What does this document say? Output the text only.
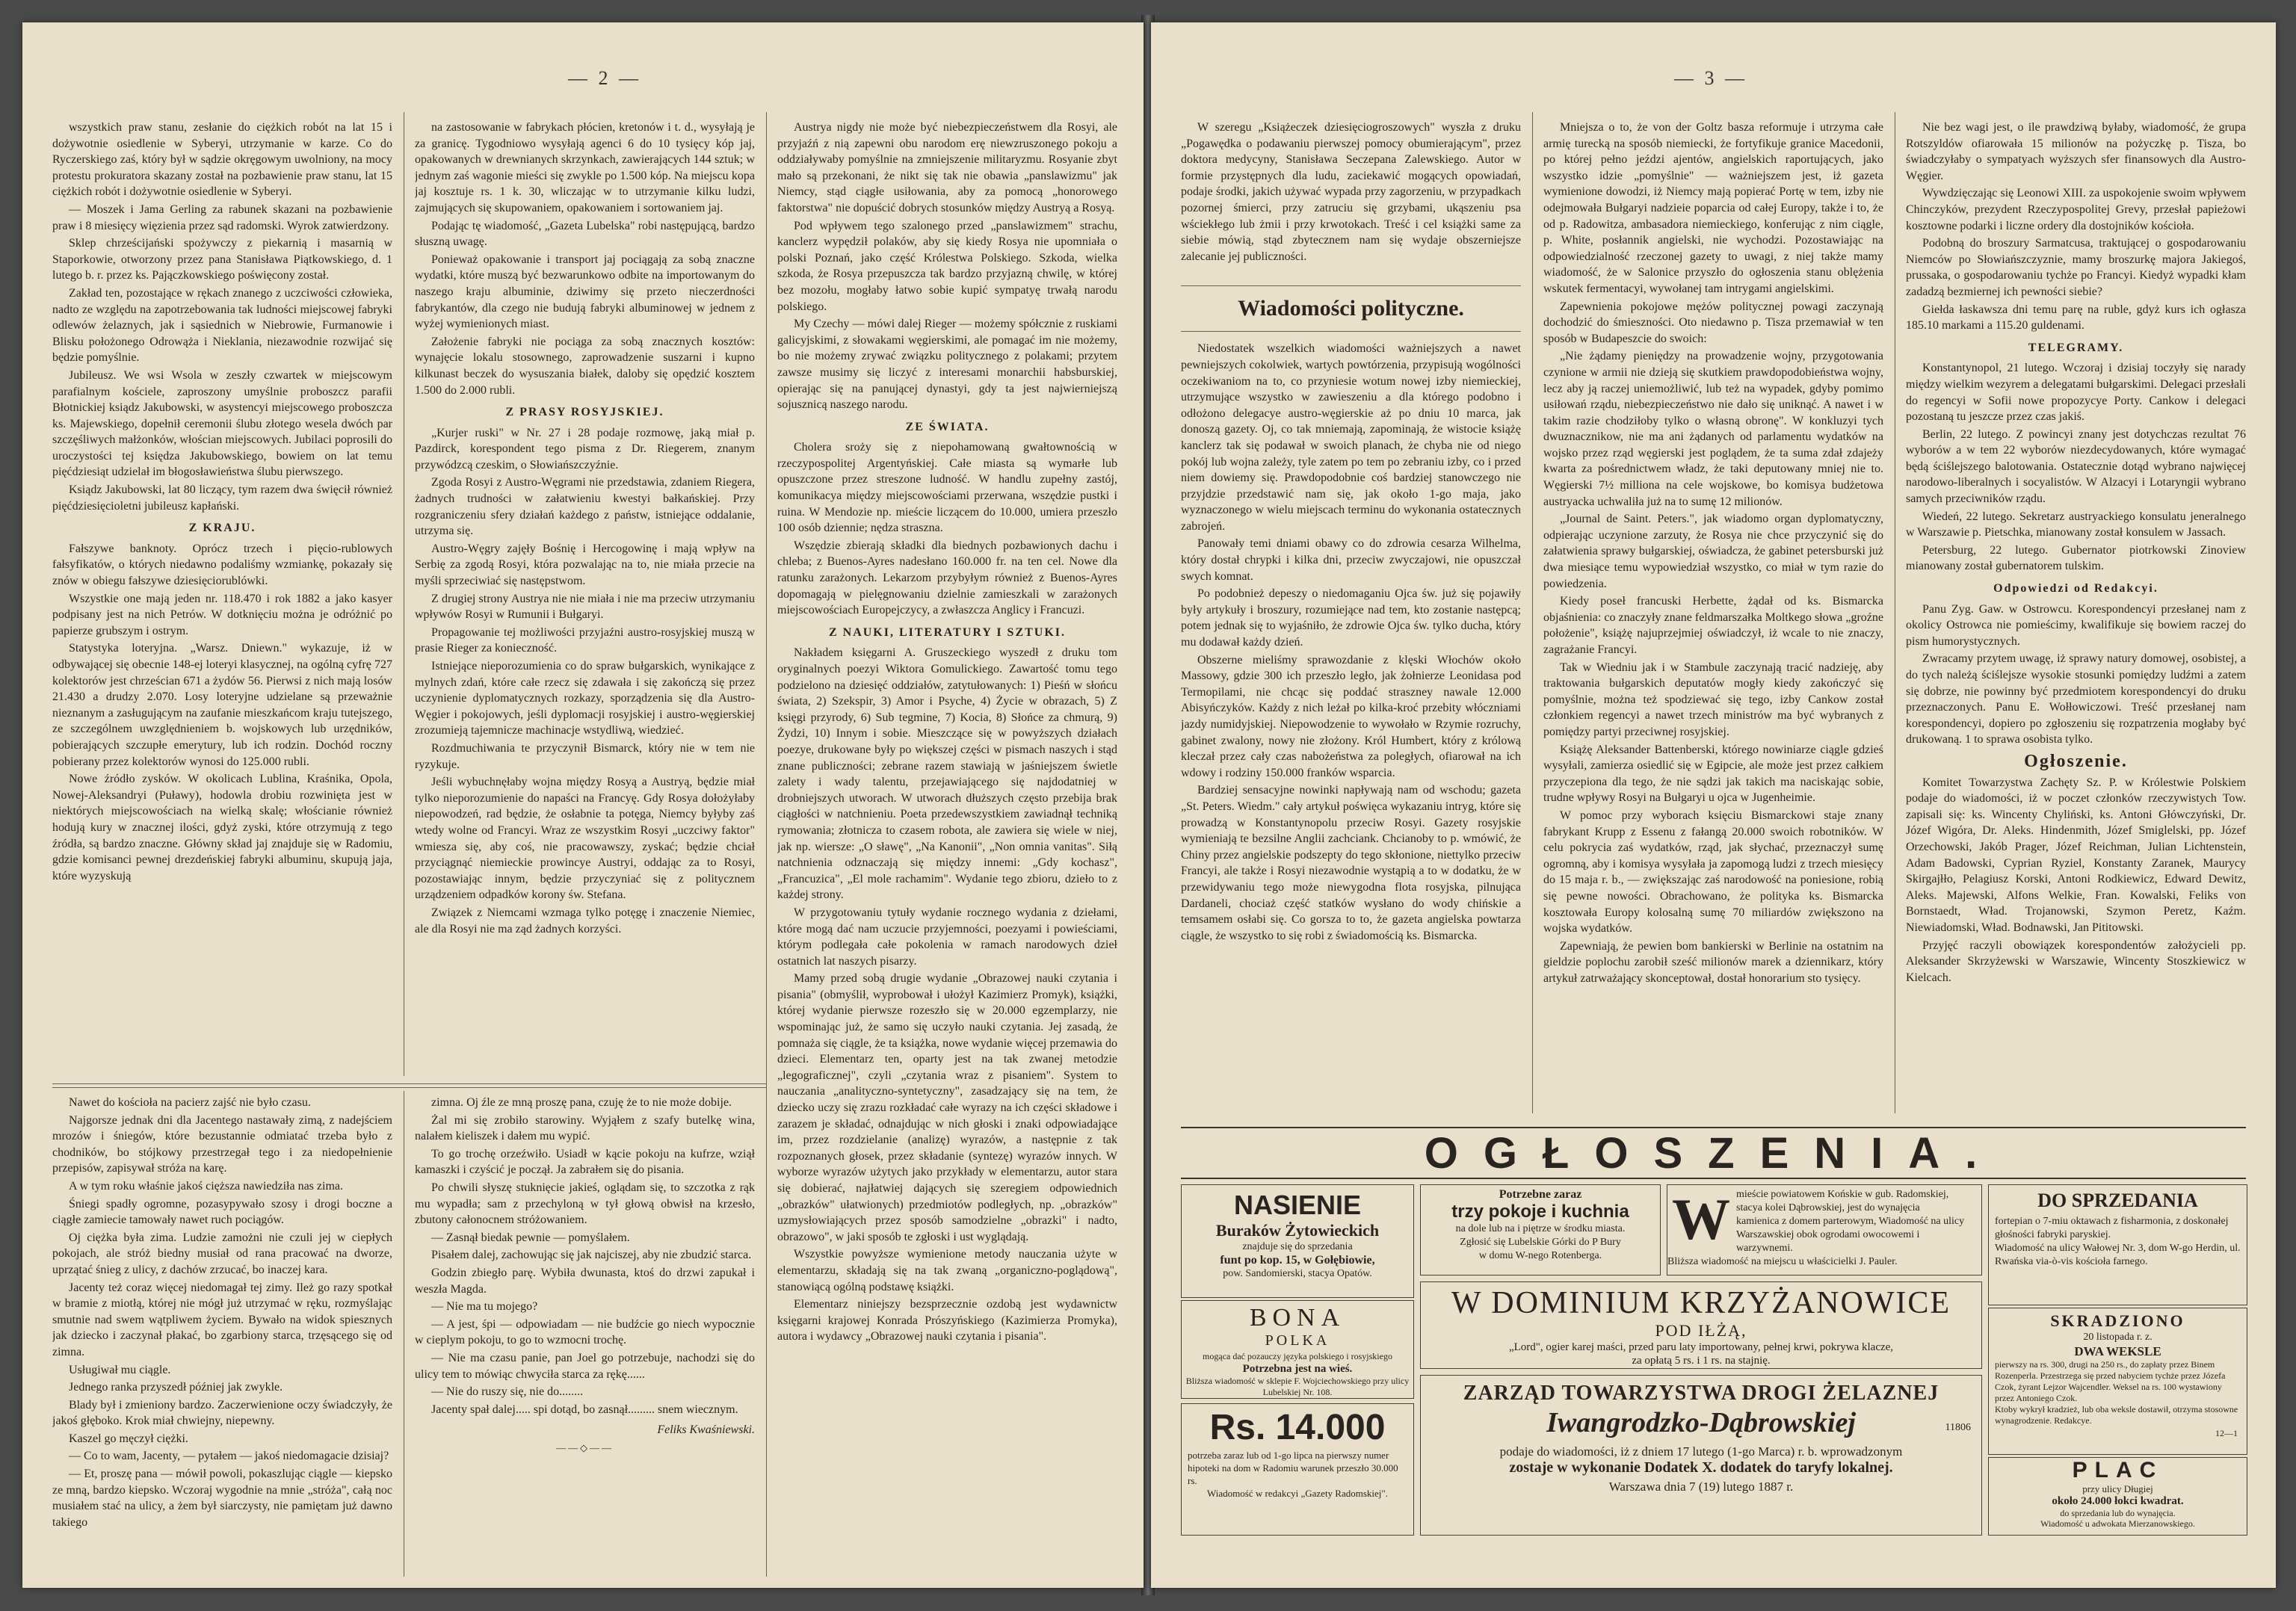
— 2 —

wszystkich praw stanu, zesłanie do ciężkich robót na lat 15 i dożywotnie osiedlenie w Syberyi, utrzymanie w karze. Co do Ryczerskiego zaś, który był w sądzie okręgowym uwolniony, na mocy protestu prokuratora skazany został na pozbawienie praw stanu, lat 15 ciężkich robót i dożywotnie osiedlenie w Syberyi.

— Moszek i Jama Gerling za rabunek skazani na pozbawienie praw i 8 miesięcy więzienia przez sąd radomski. Wyrok zatwierdzony.

Sklep chrześcijański spożywczy z piekarnią i masarnią w Staporkowie, otworzony przez pana Stanisława Piątkowskiego, d. 1 lutego b. r. przez ks. Pajączkowskiego poświęcony został.

Zakład ten, pozostające w rękach znanego z uczciwości człowieka, nadto ze względu na zapotrzebowania tak ludności miejscowej fabryki odlewów żelaznych, jak i sąsiednich w Niebrowie, Furmanowie i Blisku położonego Odrowąża i Nieklania, niezawodnie rozwijać się będzie pomyślnie.

Jubileusz. We wsi Wsola w zeszły czwartek w miejscowym parafialnym kościele, zaproszony umyślnie proboszcz parafii Błotnickiej ksiądz Jakubowski, w asystencyi miejscowego proboszcza ks. Majewskiego, dopełnił ceremonii ślubu złotego wesela dwóch par szczęśliwych małżonków, włościan miejscowych. Jubilaci poprosili do uroczystości tej księdza Jakubowskiego, bowiem on lat temu pięćdziesiąt udzielał im błogosławieństwa ślubu pierwszego.

Ksiądz Jakubowski, lat 80 liczący, tym razem dwa święcił również pięćdziesięcioletni jubileusz kapłański.

Z KRAJU.

Fałszywe banknoty. Oprócz trzech i pięcio-rublowych fałsyfikatów, o których niedawno podaliśmy wzmiankę, pokazały się znów w obiegu fałszywe dziesięciorublówki.

Wszystkie one mają jeden nr. 118.470 i rok 1882 a jako kasyer podpisany jest na nich Petrów. W dotknięciu można je odróżnić po papierze grubszym i ostrym.

Statystyka loteryjna. „Warsz. Dniewn." wykazuje, iż w odbywającej się obecnie 148-ej loteryi klasycznej, na ogólną cyfrę 727 kolektorów jest chrześcian 671 a żydów 56. Pierwsi z nich mają losów 21.430 a drudzy 2.070. Losy loteryjne udzielane są przeważnie nieznanym a zasługującym na zaufanie mieszkańcom kraju tutejszego, ze szczególnem uwzględnieniem b. wojskowych lub urzędników, pobierających szczupłe emerytury, lub ich rodzin. Dochód roczny pobierany przez kolektorów wynosi do 125.000 rubli.

Nowe źródło zysków. W okolicach Lublina, Kraśnika, Opola, Nowej-Aleksandryi (Puławy), hodowla drobiu rozwinięta jest w niektórych miejscowościach na wielką skalę; włościanie również hodują kury w znacznej ilości, gdyż zyski, które otrzymują z tego źródła, są bardzo znaczne. Główny skład jaj znajduje się w Radomiu, gdzie komisanci pewnej drezdeńskiej fabryki albuminu, skupują jaja, które wyzyskują

na zastosowanie w fabrykach płócien, kretonów i t. d., wysyłają je za granicę. Tygodniowo wysyłają agenci 6 do 10 tysięcy kóp jaj, opakowanych w drewnianych skrzynkach, zawierających 144 sztuk; w jednym zaś wagonie mieści się zwykle po 1.500 kóp. Na miejscu kopa jaj kosztuje rs. 1 k. 30, wliczając w to utrzymanie kilku ludzi, zajmujących się skupowaniem, opakowaniem i sortowaniem jaj.

Podając tę wiadomość, „Gazeta Lubelska" robi następującą, bardzo słuszną uwagę.

Ponieważ opakowanie i transport jaj pociągają za sobą znaczne wydatki, które muszą być bezwarunkowo odbite na importowanym do naszego kraju albuminie, dziwimy się przeto nieczerdności fabrykantów, dla czego nie budują fabryki albuminowej w jednem z wyżej wymienionych miast.

Założenie fabryki nie pociąga za sobą znacznych kosztów: wynajęcie lokalu stosownego, zaprowadzenie suszarni i kupno kilkunast beczek do wysuszania białek, daloby się opędzić kosztem 1.500 do 2.000 rubli.

Z PRASY ROSYJSKIEJ.

„Kurjer ruski" w Nr. 27 i 28 podaje rozmowę, jaką miał p. Pazdirck, korespondent tego pisma z Dr. Riegerem, znanym przywódzcą czeskim, o Słowiańszczyźnie.

Zgoda Rosyi z Austro-Węgrami nie przedstawia, zdaniem Riegera, żadnych trudności w załatwieniu kwestyi bałkańskiej. Przy rozgraniczeniu sfery działań każdego z państw, istniejące oddalanie, utrzyma się.

Austro-Węgry zajęły Bośnię i Hercogowinę i mają wpływ na Serbię za zgodą Rosyi, która pozwalając na to, nie miała przecie na myśli sprzeciwiać się następstwom.

Z drugiej strony Austrya nie nie miała i nie ma przeciw utrzymaniu wpływów Rosyi w Rumunii i Bułgaryi.

Propagowanie tej możliwości przyjaźni austro-rosyjskiej muszą w prasie Rieger za konieczność.

Istniejące nieporozumienia co do spraw bułgarskich, wynikające z mylnych zdań, które całe rzecz się zdawała i się zakończą się przez uczynienie dyplomatycznych rozkazy, sporządzenia się dla Austro-Węgier i pokojowych, jeśli dyplomacji rosyjskiej i austro-węgierskiej zrozumieją tajemnicze machinacje wstydliwą, wiedzieć.

Rozdmuchiwania te przyczynił Bismarck, który nie w tem nie ryzykuje.

Jeśli wybuchnęłaby wojna między Rosyą a Austryą, będzie miał tylko nieporozumienie do napaści na Francyę. Gdy Rosya dołożyłaby niepowodzeń, rad będzie, że osłabnie ta potęga, Niemcy byłyby zaś wtedy wolne od Francyi. Wraz ze wszystkim Rosyi „uczciwy faktor" wmiesza się, aby coś, nie pracowawszy, zyskać; będzie chciał przyciągnąć niemieckie prowincye Austryi, oddając za to Rosyi, pozostawiając innym, będzie przyczyniać się z politycznem urządzeniem odpadków korony św. Stefana.

Związek z Niemcami wzmaga tylko potęgę i znaczenie Niemiec, ale dla Rosyi nie ma ząd żadnych korzyści.

Austrya nigdy nie może być niebezpieczeństwem dla Rosyi, ale przyjaźń z nią zapewni obu narodom erę niewzruszonego pokoju a oddziaływaby pomyślnie na zmniejszenie militaryzmu. Rosyanie zbyt mało są przekonani, że nikt się tak nie obawia „panslawizmu" jak Niemcy, stąd ciągłe usiłowania, aby za pomocą „honorowego faktorstwa" nie dopuścić dobrych stosunków między Austryą a Rosyą.

Pod wpływem tego szalonego przed „panslawizmem" strachu, kanclerz wypędził polaków, aby się kiedy Rosya nie upomniała o polski Poznań, jako część Królestwa Polskiego. Szkoda, wielka szkoda, że Rosya przepuszcza tak bardzo przyjazną chwilę, w której bez mozołu, mogłaby łatwo sobie kupić sympatyę trwałą narodu polskiego.

My Czechy — mówi dalej Rieger — możemy spółcznie z ruskiami galicyjskimi, z słowakami węgierskimi, ale pomagać im nie możemy, bo nie możemy zrywać związku politycznego z polakami; przytem zawsze musimy się liczyć z interesami monarchii habsburskiej, opierając się na panującej dynastyi, gdy ta jest najwierniejszą sojusznicą naszego narodu.

ZE ŚWIATA.

Cholera sroży się z niepohamowaną gwałtownością w rzeczypospolitej Argentyńskiej. Całe miasta są wymarłe lub opuszczone przez streszone ludność. W handlu zupełny zastój, komunikacya między miejscowościami przerwana, wszędzie pustki i ruina. W Mendozie np. mieście liczącem do 10.000, umiera przeszło 100 osób dziennie; nędza straszna.

Wszędzie zbierają składki dla biednych pozbawionych dachu i chleba; z Buenos-Ayres nadesłano 160.000 fr. na ten cel. Nowe dla ratunku zarażonych. Lekarzom przybyłym również z Buenos-Ayres dopomagają w pielęgnowaniu dzielnie zamieszkali w zarażonych miejscowościach Europejczycy, a zwłaszcza Anglicy i Francuzi.

Z NAUKI, LITERATURY I SZTUKI.

Nakładem księgarni A. Gruszeckiego wyszedł z druku tom oryginalnych poezyi Wiktora Gomulickiego. Zawartość tomu tego podzielono na dziesięć oddziałów, zatytułowanych: 1) Pieśń w słońcu świata, 2) Szekspir, 3) Amor i Psyche, 4) Życie w obrazach, 5) Z księgi przyrody, 6) Sub tegmine, 7) Kocia, 8) Słońce za chmurą, 9) Żydzi, 10) Innym i sobie. Mieszczące się w powyższych działach poezye, drukowane były po większej części w pismach naszych i stąd znane publiczności; zebrane razem stawiają w jaśniejszem świetle zalety i wady talentu, przejawiającego się najdodatniej w drobniejszych utworach. W utworach dłuższych często przebija brak ciągłości w natchnieniu. Poeta przedewszystkiem zawiadnął techniką rymowania; złotnicza to czasem robota, ale zawiera się wiele w niej, jak np. wiersze: „O sławę", „Na Kanonii", „Non omnia vanitas". Siłą natchnienia odznaczają się między innemi: „Gdy kochasz", „Francuzica", „El mole rachamim". Wydanie tego zbioru, dzieło to z każdej strony.

W przygotowaniu tytuły wydanie rocznego wydania z dziełami, które mogą dać nam uczucie przyjemności, poezyami i powieściami, którym podlegała całe pokolenia w ramach narodowych dzieł ostatnich lat naszych pisarzy.

Mamy przed sobą drugie wydanie „Obrazowej nauki czytania i pisania" (obmyślił, wyprobował i ułożył Kazimierz Promyk), książki, której wydanie pierwsze rozeszło się w 20.000 egzemplarzy, nie wspominając już, że samo się uczyło nauki czytania. Jej zasadą, że pomnaża się ciągle, że ta książka, nowe wydanie więcej przemawia do dzieci. Elementarz ten, oparty jest na tak zwanej metodzie „legograficznej", czyli „czytania wraz z pisaniem". System to nauczania „analityczno-syntetyczny", zasadzający się na tem, że dziecko uczy się zrazu rozkładać całe wyrazy na ich części składowe i zarazem je składać, odnajdując w nich głoski i znaki odpowiadające im, przez rozdzielanie (analizę) wyrazów, a następnie z tak rozpoznanych głosek, przez składanie (syntezę) wyrazów innych. W wyborze wyrazów użytych jako przykłady w elementarzu, autor stara się dobierać, najłatwiej dających się szeregiem odpowiednich „obrazków" ułatwionych) przedmiotów podległych, np. „obrazków" uzmysłowiających przez sposób samodzielne „obrazki" i nadto, obrazowo", w jaki sposób te zgłoski i ust wyglądają.

Wszystkie powyższe wymienione metody nauczania użyte w elementarzu, składają się na tak zwaną „organiczno-poglądową", stanowiącą ogólną podstawę książki.

Elementarz niniejszy bezsprzecznie ozdobą jest wydawnictw księgarni krajowej Konrada Prószyńskiego (Kazimierza Promyka), autora i wydawcy „Obrazowej nauki czytania i pisania".

Nawet do kościoła na pacierz zajść nie było czasu.

Najgorsze jednak dni dla Jacentego nastawały zimą, z nadejściem mrozów i śniegów, które bezustannie odmiatać trzeba było z chodników, bo stójkowy przestrzegał tego i za niedopełnienie przepisów, zapisywał stróża na karę.

A w tym roku właśnie jakoś cięższa nawiedziła nas zima.

Śniegi spadły ogromne, pozasypywało szosy i drogi boczne a ciągłe zamiecie tamowały nawet ruch pociągów.

Oj ciężka była zima. Ludzie zamożni nie czuli jej w ciepłych pokojach, ale stróż biedny musiał od rana pracować na dworze, uprzątać śnieg z ulicy, z dachów zrzucać, bo inaczej kara.

Jacenty też coraz więcej niedomagał tej zimy. Ileż go razy spotkał w bramie z miotłą, której nie mógł już utrzymać w ręku, rozmyślając smutnie nad swem wątpliwem życiem. Bywało na widok spiesznych jak dziecko i zaczynał płakać, bo zgarbiony starca, trzęsącego się od zimna.

Usługiwał mu ciągle.

Jednego ranka przyszedł później jak zwykle.

Blady był i zmieniony bardzo. Zaczerwienione oczy świadczyły, że jakoś głęboko. Krok miał chwiejny, niepewny.

Kaszel go męczył ciężki.

— Co to wam, Jacenty, — pytałem — jakoś niedomagacie dzisiaj?

— Et, proszę pana — mówił powoli, pokaszlując ciągle — kiepsko ze mną, bardzo kiepsko. Wczoraj wygodnie na mnie „stróża", całą noc musiałem stać na ulicy, a żem był siarczysty, nie pamiętam już dawno takiego

zimna. Oj źle ze mną proszę pana, czuję że to nie może dobije.

Żal mi się zrobiło starowiny. Wyjąłem z szafy butelkę wina, nalałem kieliszek i dałem mu wypić.

To go trochę orzeźwiło. Usiadł w kącie pokoju na kufrze, wziął kamaszki i czyścić je począł. Ja zabrałem się do pisania.

Po chwili słyszę stuknięcie jakieś, oglądam się, to szczotka z rąk mu wypadła; sam z przechyloną w tył głową obwisł na krzesło, zbutony całonocnem stróżowaniem.

— Zasnął biedak pewnie — pomyślałem.

Pisałem dalej, zachowując się jak najciszej, aby nie zbudzić starca.

Godzin zbiegło parę. Wybiła dwunasta, ktoś do drzwi zapukał i weszła Magda.

— Nie ma tu mojego?

— A jest, śpi — odpowiadam — nie budźcie go niech wypocznie w cieplym pokoju, to go to wzmocni trochę.

— Nie ma czasu panie, pan Joel go potrzebuje, nachodzi się do ulicy tem to mówiąc chwyciła starca za rękę......

— Nie do ruszy się, nie do........

Jacenty spał dalej..... spi dotąd, bo zasnął......... snem wiecznym.

Feliks Kwaśniewski.

——◇——

— 3 —

W szeregu „Książeczek dziesięciogroszowych" wyszła z druku „Pogawędka o podawaniu pierwszej pomocy obumierającym", przez doktora medycyny, Stanisława Seczepana Zalewskiego. Autor w formie przystępnych dla ludu, zaciekawić mogących opowiadań, podaje środki, jakich używać wypada przy zagorzeniu, w przypadkach pozornej śmierci, przy zatruciu się grzybami, ukąszeniu psa wściekłego lub żmii i przy krwotokach. Treść i cel książki same za siebie mówią, stąd zbytecznem nam się wydaje obszerniejsze zalecanie jej publiczności.

Wiadomości polityczne.

Niedostatek wszelkich wiadomości ważniejszych a nawet pewniejszych cokolwiek, wartych powtórzenia, przypisują wogólności oczekiwaniom na to, co przyniesie wotum nowej izby niemieckiej, utrzymujące wszystko w zawieszeniu a dla którego podobno i odłożono delegacye austro-węgierskie aż po dniu 10 marca, jak donoszą gazety. Oj, co tak mniemają, zapominają, że wistocie książę kanclerz tak się podawał w swoich planach, że chyba nie od niego pokój lub wojna zależy, tyle zatem po tem po zebraniu izby, co i przed niem dowiemy się. Prawdopodobnie coś bardziej stanowczego nie przyjdzie przedstawić nam się, jak około 1-go maja, jako wyznaczonego w wielu miejscach terminu do wykonania ostatecznych zabrojeń.

Panowały temi dniami obawy co do zdrowia cesarza Wilhelma, który dostał chrypki i kilka dni, przeciw zwyczajowi, nie opuszczał swych komnat.

Po podobnież depeszy o niedomaganiu Ojca św. już się pojawiły były artykuły i broszury, rozumiejące nad tem, kto zostanie następcą; potem jednak się to wyjaśniło, że zdrowie Ojca św. tylko ducha, który mu dodawał każdy dzień.

Obszerne mieliśmy sprawozdanie z klęski Włochów około Massowy, gdzie 300 ich przeszło legło, jak żołnierze Leonidasa pod Termopilami, nie chcąc się poddać straszney nawale 12.000 Abisyńczyków. Każdy z nich leżał po kilka-kroć przebity włóczniami jazdy numidyjskiej. Niepowodzenie to wywołało w Rzymie rozruchy, gabinet zwalony, nowy nie złożony. Król Humbert, który z królową kleczał przez cały czas nabożeństwa za poległych, ofiarował na ich wdowy i rodziny 150.000 franków wsparcia.

Bardziej sensacyjne nowinki napływają nam od wschodu; gazeta „St. Peters. Wiedm." cały artykuł poświęca wykazaniu intryg, które się prowadzą w Konstantynopolu przeciw Rosyi. Gazety rosyjskie wymieniają te bezsilne Anglii zachciank. Chcianoby to p. wmówić, że Chiny przez angielskie podszepty do tego skłonione, niettylko przeciw Francyi, ale także i Rosyi niezawodnie wystąpią a to w dodatku, że w przewidywaniu tego może niewygodna flota rosyjska, pilnująca Dardaneli, chociaż część statków wysłano do wody chińskie a temsamem osłabi się. Co gorsza to to, że gazeta angielska powtarza ciągle, że wszystko to się robi z świadomością ks. Bismarcka.

Mniejsza o to, że von der Goltz basza reformuje i utrzyma całe armię turecką na sposób niemiecki, że fortyfikuje granice Macedonii, po której pełno jeździ ajentów, angielskich raportujących, jako wszystko idzie „pomyślnie" — ważniejszem jest, iż gazeta wymienione dowodzi, iż Niemcy mają popierać Portę w tem, izby nie odejmowała Bułgaryi nadzieie poparcia od całej Europy, także i to, że od p. Radowitza, ambasadora niemieckiego, konferując z nim ciągle, p. White, posłannik angielski, nie wychodzi. Pozostawiając na odpowiedzialność rzeczonej gazety to uwagi, z niej także mamy wiadomość, że w Salonice przyszło do ogłoszenia stanu oblężenia wskutek fermentacyi, wywołanej tam intrygami angielskimi.

Zapewnienia pokojowe mężów politycznej powagi zaczynają dochodzić do śmieszności. Oto niedawno p. Tisza przemawiał w ten sposób w Budapeszcie do swoich:

„Nie żądamy pieniędzy na prowadzenie wojny, przygotowania czynione w armii nie dzieją się skutkiem prawdopodobieństwa wojny, lecz aby ją raczej uniemożliwić, lub też na wypadek, gdyby pomimo usiłowań rządu, niebezpieczeństwo nie dało się uniknąć. A nawet i w takim razie chodziłoby tylko o własną obronę". W konkluzyi tych dwuznacznikow, nie ma ani żądanych od parlamentu wydatków na wojsko przez rząd węgierski jest poglądem, że ta suma zdał zdajeży kwarta za pośrednictwem władz, że taki deputowany mniej nie to. Węgierski 7½ milliona na cele wojskowe, bo komisya budżetowa austryacka uchwaliła już na to sumę 12 milionów.

„Journal de Saint. Peters.", jak wiadomo organ dyplomatyczny, odpierając uczynione zarzuty, że Rosya nie chce przyczynić się do załatwienia sprawy bułgarskiej, oświadcza, że gabinet petersburski już dwa miesiące temu wypowiedział wszystko, co miał w tym razie do powiedzenia.

Kiedy poseł francuski Herbette, żądał od ks. Bismarcka objaśnienia: co znaczyły znane feldmarszałka Moltkego słowa „groźne położenie", książę najuprzejmiej oświadczył, iż wcale to nie znaczy, zagrażanie Francyi.

Tak w Wiedniu jak i w Stambule zaczynają tracić nadzieję, aby traktowania bułgarskich deputatów mogły kiedy zakończyć się pomyślnie, można też spodziewać się tego, izby Cankow został członkiem regencyi a nawet trzech ministrów ma być wybranych z pomiędzy partyi przeciwnej rosyjskiej.

Książę Aleksander Battenberski, którego nowiniarze ciągle gdzieś wysyłali, zamierza osiedlić się w Egipcie, ale może jest przez całkiem przyczepiona dla tego, że nie sądzi jak takich ma naciskając sobie, trudne wpływy Rosyi na Bułgaryi u ojca w Jugenheimie.

W pomoc przy wyborach księciu Bismarckowi staje znany fabrykant Krupp z Essenu z fałangą 20.000 swoich robotników. W celu pokrycia zaś wydatków, rząd, jak słychać, przeznaczył sumę ogromną, aby i komisya wysyłała ja zapomogą ludzi z trzech miesięcy do 15 maja r. b., — zwiększając zaś narodowość na poniesione, robią się pewne nowości. Obrachowano, że polityka ks. Bismarcka kosztowała Europy kolosalną sumę 70 miliardów zwiększono na wojska wydatków.

Zapewniają, że pewien bom bankierski w Berlinie na ostatnim na gieldzie poplochu zarobił sześć milionów marek a dziennikarz, który artykuł zatrważający skonceptował, dostał honorarium sto tysięcy.

Nie bez wagi jest, o ile prawdziwą byłaby, wiadomość, że grupa Rotszyldów ofiarowała 15 milionów na pożyczkę p. Tisza, bo świadczyłaby o sympatyach wyższych sfer finansowych dla Austro-Węgier.

Wywdzięczając się Leonowi XIII. za uspokojenie swoim wpływem Chinczyków, prezydent Rzeczypospolitej Grevy, przesłał papieżowi kosztowne podarki i liczne ordery dla dostojników kościoła.

Podobną do broszury Sarmatcusa, traktującej o gospodarowaniu Niemców po Słowiańszczyznie, mamy broszurkę majora Jakiegoś, prussaka, o gospodarowaniu tychże po Francyi. Kiedyż wypadki kłam zadadzą bezmiernej ich pewności siebie?

Giełda łaskawsza dni temu parę na ruble, gdyż kurs ich ogłasza 185.10 markami a 115.20 guldenami.

TELEGRAMY.

Konstantynopol, 21 lutego. Wczoraj i dzisiaj toczyły się narady między wielkim wezyrem a delegatami bułgarskimi. Delegaci przesłali do regencyi w Sofii nowe propozycye Porty. Cankow i delegaci pozostaną tu jeszcze przez czas jakiś.

Berlin, 22 lutego. Z powincyi znany jest dotychczas rezultat 76 wyborów a w tem 22 wyborów niezdecydowanych, które wymagać będą ściślejszego balotowania. Ostatecznie dotąd wybrano najwięcej narodowo-liberalnych i socyalistów. W Alzacyi i Lotaryngii wybrano samych przeciwników rządu.

Wiedeń, 22 lutego. Sekretarz austryackiego konsulatu jeneralnego w Warszawie p. Pietschka, mianowany został konsulem w Jassach.

Petersburg, 22 lutego. Gubernator piotrkowski Zinoview mianowany został gubernatorem tulskim.

Odpowiedzi od Redakcyi.

Panu Zyg. Gaw. w Ostrowcu. Korespondencyi przesłanej nam z okolicy Ostrowca nie pomieścimy, kwalifikuje się bowiem raczej do pism humorystycznych.

Zwracamy przytem uwagę, iż sprawy natury domowej, osobistej, a do tych należą ściślejsze wysokie stosunki pomiędzy ludźmi a zatem się dobrze, nie powinny być przedmiotem korespondencyi do druku przeznaczonych. Panu E. Wołłowiczowi. Treść przesłanej nam korespondencyi, dopiero po zgłoszeniu się rozpatrzenia mogłaby być drukowaną. 1 to sprawa osobista tylko.

Ogłoszenie.

Komitet Towarzystwa Zachęty Sz. P. w Królestwie Polskiem podaje do wiadomości, iż w poczet członków rzeczywistych Tow. zapisali się: ks. Wincenty Chyliński, ks. Antoni Główczyński, Dr. Józef Wigóra, Dr. Aleks. Hindenmith, Józef Smiglelski, pp. Józef Orzechowski, Jakób Prager, Józef Reichman, Julian Lichtenstein, Adam Badowski, Cyprian Ryziel, Konstanty Zaranek, Maurycy Skirgajłło, Pelagiusz Korski, Antoni Rodkiewicz, Edward Dewitz, Aleks. Majewski, Alfons Welkie, Fran. Kowalski, Feliks von Bornstaedt, Wład. Trojanowski, Szymon Peretz, Kaźm. Niewiadomski, Wład. Bodnawski, Jan Pititowski.

Przyjęć raczyli obowiązek korespondentów założycieli pp. Aleksander Skrzyżewski w Warszawie, Wincenty Stoszkiewicz w Kielcach.

OGŁOSZENIA.
NASIENIE
Buraków Żytowieckich
znajduje się do sprzedania
funt po kop. 15, w Gołębiowie,
pow. Sandomierski, stacya Opatów.
BONA
POLKA
mogąca dać pozauczy języka polskiego i rosyjskiego
Potrzebna jest na wieś.
Bliższa wiadomość w sklepie F. Wojciechowskiego przy ulicy Lubelskiej Nr. 108.
Potrzebne zaraz
trzy pokoje i kuchnia
na dole lub na i piętrze w środku miasta.
Zgłosić się Lubelskie Górki do P Bury
w domu W-nego Rotenberga.
W mieście powiatowem Końskie w gub. Radomskiej, stacya kolei Dąbrowskiej, jest do wynajęcia
kamienica z domem parterowym, Wiadomość na ulicy Warszawskiej obok ogrodami owocowemi i warzywnemi.
Bliższa wiadomość na miejscu u właścicielki J. Pauler.
W DOMINIUM KRZYŻANOWICE
POD IŁŻĄ,
„Lord", ogier karej maści, przed paru laty importowany, pełnej krwi, pokrywa klacze,
za opłatą 5 rs. i 1 rs. na stajnię.
Rs. 14.000
potrzeba zaraz lub od 1-go lipca na pierwszy numer hipoteki na dom w Radomiu warunek przeszło 30.000 rs.
Wiadomość w redakcyi „Gazety Radomskiej".
ZARZĄD TOWARZYSTWA DROGI ŻELAZNEJ
Iwangrodzko-Dąbrowskiej	11806
podaje do wiadomości, iż z dniem 17 lutego (1-go Marca) r. b. wprowadzonym
zostaje w wykonanie Dodatek X. dodatek do taryfy lokalnej.
Warszawa dnia 7 (19) lutego 1887 r.
DO SPRZEDANIA
fortepian o 7-miu oktawach z fisharmonia, z doskonałej głośności fabryki paryskiej.
Wiadomość na ulicy Wałowej Nr. 3, dom W-go Herdin, ul. Rwańska via-ò-vis kościoła farnego.
SKRADZIONO
20 listopada r. z.
DWA WEKSLE
pierwszy na rs. 300, drugi na 250 rs., do zapłaty przez Binem Rozenperla. Przestrzega się przed nabyciem tychże przez Józefa Czok, żyrant Lejzor Wajcendler. Weksel na rs. 100 wystawiony przez Antoniego Czok.
Ktoby wykrył kradzież, lub oba weksle dostawił, otrzyma stosowne wynagrodzenie. Redakcye.
12—1
PLAC
przy ulicy Długiej
około 24.000 łokci kwadrat.
do sprzedania lub do wynajęcia.
Wiadomość u adwokata Mierzanowskiego.
